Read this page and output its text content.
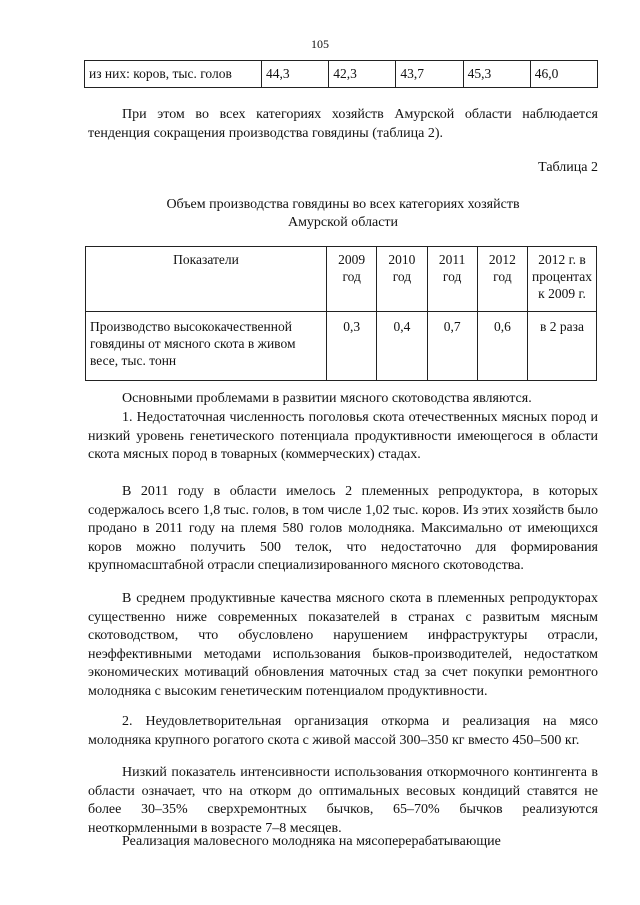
105
из них: коров, тыс. голов	44,3	42,3	43,7	45,3	46,0

При этом во всех категориях хозяйств Амурской области наблюдается тенденция сокращения производства говядины (таблица 2).

Таблица 2

Объем производства говядины во всех категориях хозяйств Амурской области

Показатели	2009 год	2010 год	2011 год	2012 год	2012 г. в процентах к 2009 г.
Производство высококачественной говядины от мясного скота в живом весе, тыс. тонн	0,3	0,4	0,7	0,6	в 2 раза

Основными проблемами в развитии мясного скотоводства являются.

1. Недостаточная численность поголовья скота отечественных мясных пород и низкий уровень генетического потенциала продуктивности имеющегося в области скота мясных пород в товарных (коммерческих) стадах.

В 2011 году в области имелось 2 племенных репродуктора, в которых содержалось всего 1,8 тыс. голов, в том числе 1,02 тыс. коров. Из этих хозяйств было продано в 2011 году на племя 580 голов молодняка. Максимально от имеющихся коров можно получить 500 телок, что недостаточно для формирования крупномасштабной отрасли специализированного мясного скотоводства.

В среднем продуктивные качества мясного скота в племенных репродукторах существенно ниже современных показателей в странах с развитым мясным скотоводством, что обусловлено нарушением инфраструктуры отрасли, неэффективными методами использования быков-производителей, недостатком экономических мотиваций обновления маточных стад за счет покупки ремонтного молодняка с высоким генетическим потенциалом продуктивности.

2. Неудовлетворительная организация откорма и реализация на мясо молодняка крупного рогатого скота с живой массой 300–350 кг вместо 450–500 кг.

Низкий показатель интенсивности использования откормочного контингента в области означает, что на откорм до оптимальных весовых кондиций ставятся не более 30–35% сверхремонтных бычков, 65–70% бычков реализуются неоткормленными в возрасте 7–8 месяцев.

Реализация маловесного молодняка на мясоперерабатывающие
